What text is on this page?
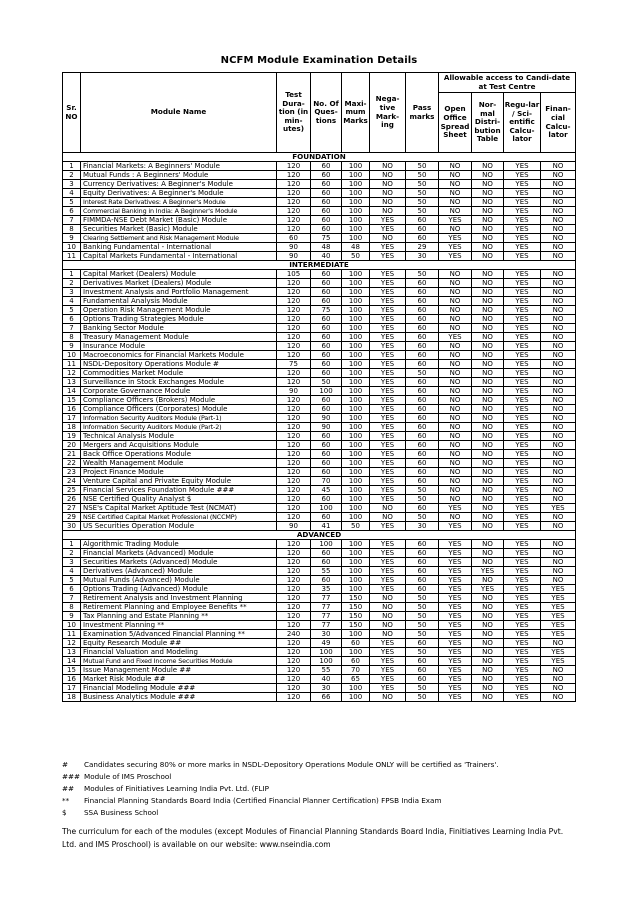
NCFM Module Examination Details
Sr. NO	Module Name	Test Dura-tion (in min-utes)	No. Of Ques-tions	Maxi-mum Marks	Nega-tive Mark-ing	Pass marks	Allowable access to Candi-date at Test Centre			
							Open Office Spread Sheet	Nor-mal Distri-bution Table	Regu-lar / Sci-entific Calcu-lator	Finan-cial Calcu-lator
FOUNDATION										
1	Financial Markets: A Beginners' Module	120	60	100	NO	50	NO	NO	YES	NO
2	Mutual Funds : A Beginners' Module	120	60	100	NO	50	NO	NO	YES	NO
3	Currency Derivatives: A Beginner's Module	120	60	100	NO	50	NO	NO	YES	NO
4	Equity Derivatives: A Beginner's Module	120	60	100	NO	50	NO	NO	YES	NO
5	Interest Rate Derivatives: A Beginner's Module	120	60	100	NO	50	NO	NO	YES	NO
6	Commercial Banking in India: A Beginner's Module	120	60	100	NO	50	NO	NO	YES	NO
7	FIMMDA-NSE Debt Market (Basic) Module	120	60	100	YES	60	YES	NO	YES	NO
8	Securities Market (Basic) Module	120	60	100	YES	60	NO	NO	YES	NO
9	Clearing Settlement and Risk Management Module	60	75	100	NO	60	YES	NO	YES	NO
10	Banking Fundamental - International	90	48	48	YES	29	YES	NO	YES	NO
11	Capital Markets Fundamental - International	90	40	50	YES	30	YES	NO	YES	NO
INTERMEDIATE										
1	Capital Market (Dealers) Module	105	60	100	YES	50	NO	NO	YES	NO
2	Derivatives Market (Dealers) Module	120	60	100	YES	60	NO	NO	YES	NO
3	Investment Analysis and Portfolio Management	120	60	100	YES	60	NO	NO	YES	NO
4	Fundamental Analysis Module	120	60	100	YES	60	NO	NO	YES	NO
5	Operation Risk Management Module	120	75	100	YES	60	NO	NO	YES	NO
6	Options Trading Strategies Module	120	60	100	YES	60	NO	NO	YES	NO
7	Banking Sector Module	120	60	100	YES	60	NO	NO	YES	NO
8	Treasury Management Module	120	60	100	YES	60	YES	NO	YES	NO
9	Insurance Module	120	60	100	YES	60	NO	NO	YES	NO
10	Macroeconomics for Financial Markets Module	120	60	100	YES	60	NO	NO	YES	NO
11	NSDL-Depository Operations Module #	75	60	100	YES	60	NO	NO	YES	NO
12	Commodities Market Module	120	60	100	YES	50	NO	NO	YES	NO
13	Surveillance in Stock Exchanges Module	120	50	100	YES	60	NO	NO	YES	NO
14	Corporate Governance Module	90	100	100	YES	60	NO	NO	YES	NO
15	Compliance Officers (Brokers) Module	120	60	100	YES	60	NO	NO	YES	NO
16	Compliance Officers (Corporates) Module	120	60	100	YES	60	NO	NO	YES	NO
17	Information Security Auditors Module (Part-1)	120	90	100	YES	60	NO	NO	YES	NO
18	Information Security Auditors Module (Part-2)	120	90	100	YES	60	NO	NO	YES	NO
19	Technical Analysis Module	120	60	100	YES	60	NO	NO	YES	NO
20	Mergers and Acquisitions Module	120	60	100	YES	60	NO	NO	YES	NO
21	Back Office Operations Module	120	60	100	YES	60	NO	NO	YES	NO
22	Wealth Management Module	120	60	100	YES	60	NO	NO	YES	NO
23	Project Finance Module	120	60	100	YES	60	NO	NO	YES	NO
24	Venture Capital and Private Equity Module	120	70	100	YES	60	NO	NO	YES	NO
25	Financial Services Foundation Module ###	120	45	100	YES	50	NO	NO	YES	NO
26	NSE Certified Quality Analyst $	120	60	100	YES	50	NO	NO	YES	NO
27	NSE's Capital Market Aptitude Test (NCMAT)	120	100	100	NO	60	YES	NO	YES	YES
29	NSE Certified Capital Market Professional (NCCMP)	120	60	100	NO	50	NO	NO	YES	NO
30	US Securities Operation Module	90	41	50	YES	30	YES	NO	YES	NO
ADVANCED										
1	Algorithmic Trading Module	120	100	100	YES	60	YES	NO	YES	NO
2	Financial Markets (Advanced) Module	120	60	100	YES	60	YES	NO	YES	NO
3	Securities Markets (Advanced) Module	120	60	100	YES	60	YES	NO	YES	NO
4	Derivatives (Advanced) Module	120	55	100	YES	60	YES	YES	YES	NO
5	Mutual Funds (Advanced) Module	120	60	100	YES	60	YES	NO	YES	NO
6	Options Trading (Advanced) Module	120	35	100	YES	60	YES	YES	YES	YES
7	Retirement Analysis and Investment Planning	120	77	150	NO	50	YES	NO	YES	YES
8	Retirement Planning and Employee Benefits **	120	77	150	NO	50	YES	NO	YES	YES
9	Tax Planning and Estate Planning **	120	77	150	NO	50	YES	NO	YES	YES
10	Investment Planning **	120	77	150	NO	50	YES	NO	YES	YES
11	Examination 5/Advanced Financial Planning **	240	30	100	NO	50	YES	NO	YES	YES
12	Equity Research Module ##	120	49	60	YES	60	YES	NO	YES	NO
13	Financial Valuation and Modeling	120	100	100	YES	50	YES	NO	YES	YES
14	Mutual Fund and Fixed Income Securities Module	120	100	60	YES	60	YES	NO	YES	YES
15	Issue Management Module ##	120	55	70	YES	60	YES	NO	YES	NO
16	Market Risk Module ##	120	40	65	YES	60	YES	NO	YES	NO
17	Financial Modeling Module ###	120	30	100	YES	50	YES	NO	YES	NO
18	Business Analytics Module ###	120	66	100	NO	50	YES	NO	YES	NO
#	Candidates securing 80% or more marks in NSDL-Depository Operations Module ONLY will be certified as 'Trainers'.
### Module of IMS Proschool
##	Modules of Finitiatives Learning India Pvt. Ltd. (FLIP
**	Financial Planning Standards Board India (Certified Financial Planner Certification) FPSB India Exam
$	SSA Business School
The curriculum for each of the modules (except Modules of Financial Planning Standards Board India, Finitiatives Learning India Pvt. Ltd. and IMS Proschool) is available on our website: www.nseindia.com
